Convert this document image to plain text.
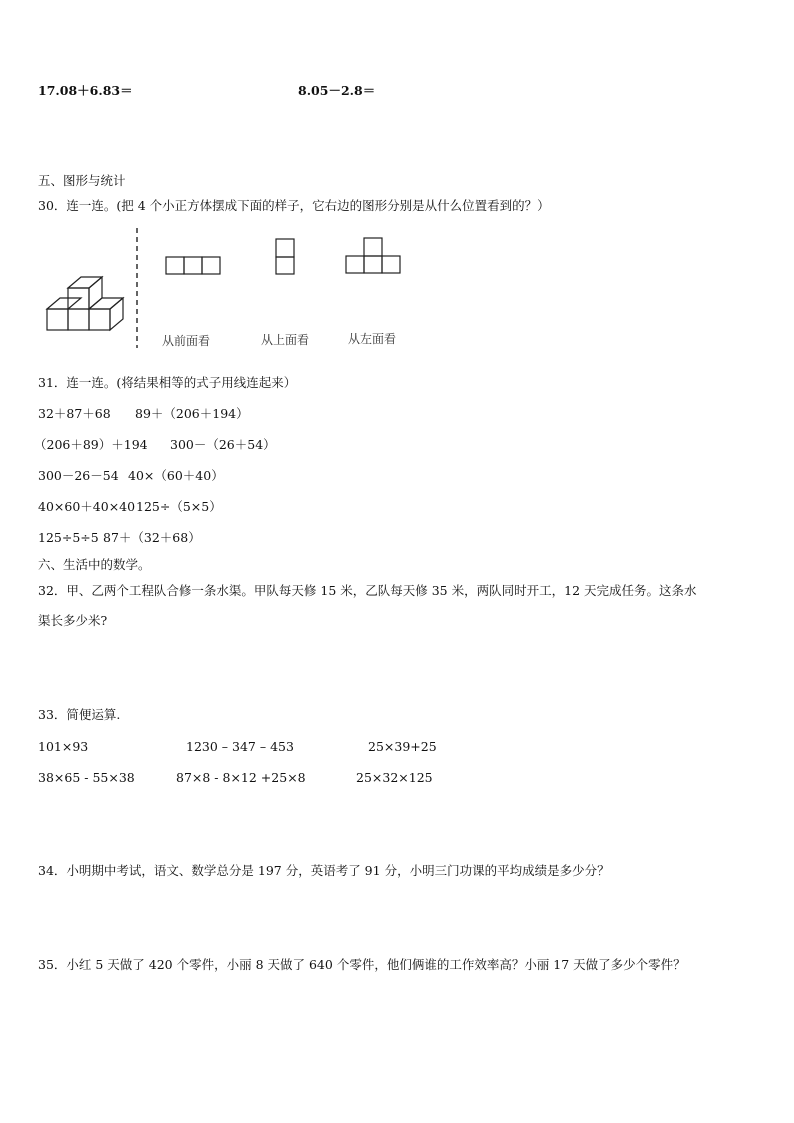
17.08＋6.83＝	8.05－2.8＝
五、图形与统计
30．连一连。(把 4 个小正方体摆成下面的样子，它右边的图形分别是从什么位置看到的？）
从前面看	从上面看	从左面看
31．连一连。(将结果相等的式子用线连起来）
32＋87＋68 89＋（206＋194）
（206＋89）＋194 300－（26＋54）
300－26－54 40×（60＋40）
40×60＋40×40 125÷（5×5）
125÷5÷5 87＋（32＋68）
六、生活中的数学。
32．甲、乙两个工程队合修一条水渠。甲队每天修 15 米，乙队每天修 35 米，两队同时开工，12 天完成任务。这条水
渠长多少米?
33．简便运算.
101×93	1230 – 347 – 453	25×39+25
38×65 - 55×38	87×8 - 8×12 +25×8	25×32×125
34．小明期中考试，语文、数学总分是 197 分，英语考了 91 分，小明三门功课的平均成绩是多少分？
35．小红 5 天做了 420 个零件，小丽 8 天做了 640 个零件，他们俩谁的工作效率高？小丽 17 天做了多少个零件？
